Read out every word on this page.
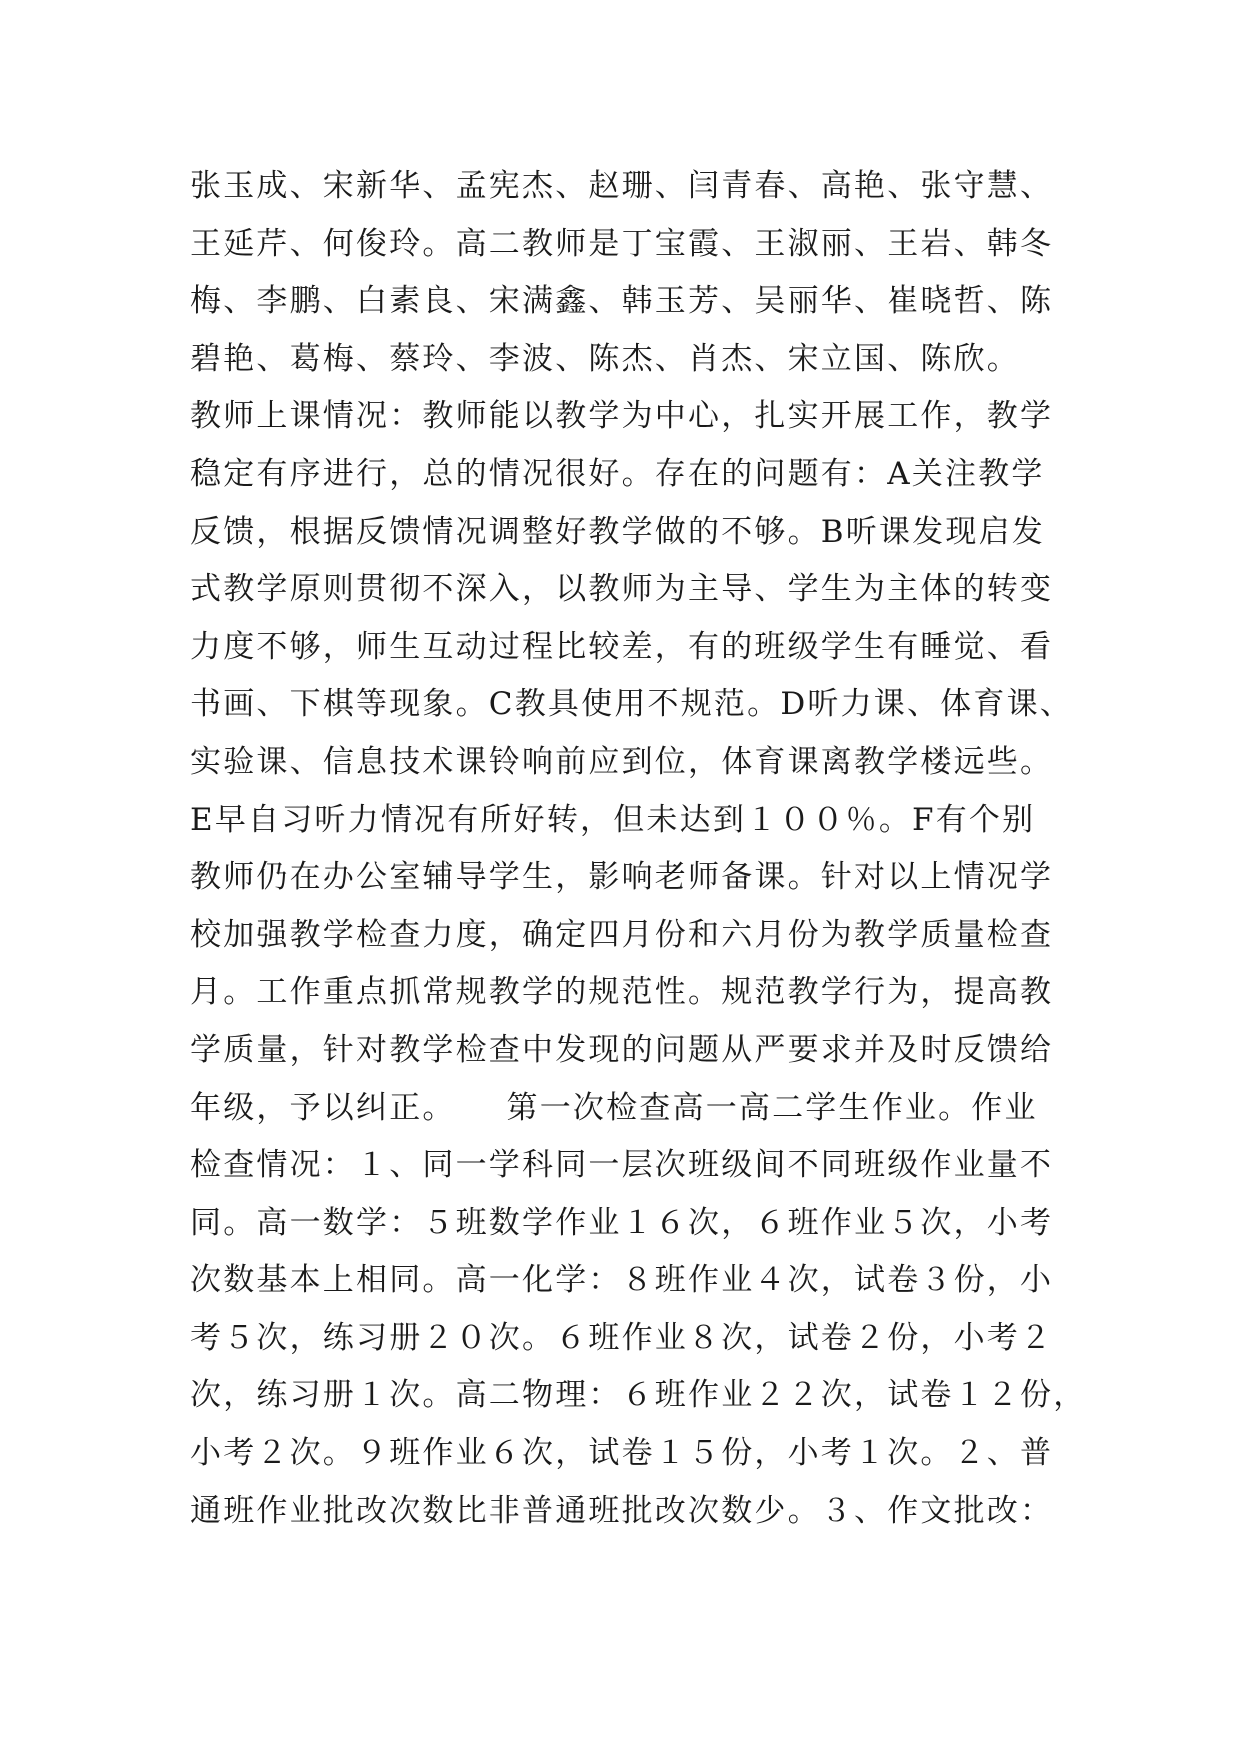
张玉成、宋新华、孟宪杰、赵珊、闫青春、高艳、张守慧、
王延芹、何俊玲。高二教师是丁宝霞、王淑丽、王岩、韩冬
梅、李鹏、白素良、宋满鑫、韩玉芳、吴丽华、崔晓哲、陈
碧艳、葛梅、蔡玲、李波、陈杰、肖杰、宋立国、陈欣。
教师上课情况：教师能以教学为中心，扎实开展工作，教学
稳定有序进行，总的情况很好。存在的问题有：A关注教学
反馈，根据反馈情况调整好教学做的不够。B听课发现启发
式教学原则贯彻不深入，以教师为主导、学生为主体的转变
力度不够，师生互动过程比较差，有的班级学生有睡觉、看
书画、下棋等现象。C教具使用不规范。D听力课、体育课、
实验课、信息技术课铃响前应到位，体育课离教学楼远些。
E早自习听力情况有所好转，但未达到１００％。F有个别
教师仍在办公室辅导学生，影响老师备课。针对以上情况学
校加强教学检查力度，确定四月份和六月份为教学质量检查
月。工作重点抓常规教学的规范性。规范教学行为，提高教
学质量，针对教学检查中发现的问题从严要求并及时反馈给
年级，予以纠正。　　第一次检查高一高二学生作业。作业
检查情况：１、同一学科同一层次班级间不同班级作业量不
同。高一数学：５班数学作业１６次，６班作业５次，小考
次数基本上相同。高一化学：８班作业４次，试卷３份，小
考５次，练习册２０次。６班作业８次，试卷２份，小考２
次，练习册１次。高二物理：６班作业２２次，试卷１２份，
小考２次。９班作业６次，试卷１５份，小考１次。２、普
通班作业批改次数比非普通班批改次数少。３、作文批改：
